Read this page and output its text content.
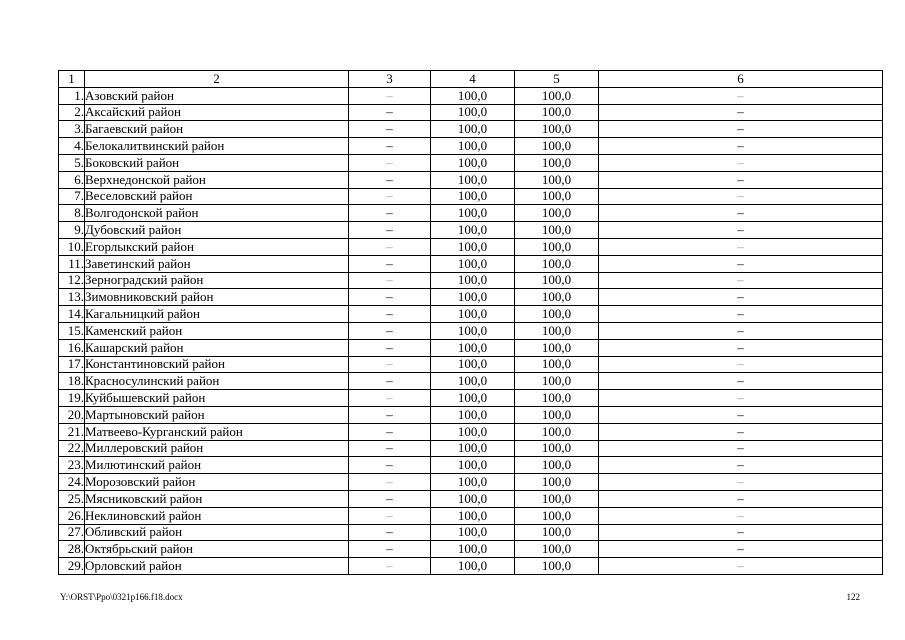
1	2	3	4	5	6
1.	Азовский район	–	100,0	100,0	–
2.	Аксайский район	–	100,0	100,0	–
3.	Багаевский район	–	100,0	100,0	–
4.	Белокалитвинский район	–	100,0	100,0	–
5.	Боковский район	–	100,0	100,0	–
6.	Верхнедонской район	–	100,0	100,0	–
7.	Веселовский район	–	100,0	100,0	–
8.	Волгодонской район	–	100,0	100,0	–
9.	Дубовский район	–	100,0	100,0	–
10.	Егорлыкский район	–	100,0	100,0	–
11.	Заветинский район	–	100,0	100,0	–
12.	Зерноградский район	–	100,0	100,0	–
13.	Зимовниковский район	–	100,0	100,0	–
14.	Кагальницкий район	–	100,0	100,0	–
15.	Каменский район	–	100,0	100,0	–
16.	Кашарский район	–	100,0	100,0	–
17.	Константиновский район	–	100,0	100,0	–
18.	Красносулинский район	–	100,0	100,0	–
19.	Куйбышевский район	–	100,0	100,0	–
20.	Мартыновский район	–	100,0	100,0	–
21.	Матвеево-Курганский район	–	100,0	100,0	–
22.	Миллеровский район	–	100,0	100,0	–
23.	Милютинский район	–	100,0	100,0	–
24.	Морозовский район	–	100,0	100,0	–
25.	Мясниковский район	–	100,0	100,0	–
26.	Неклиновский район	–	100,0	100,0	–
27.	Обливский район	–	100,0	100,0	–
28.	Октябрьский район	–	100,0	100,0	–
29.	Орловский район	–	100,0	100,0	–
Y:\ORST\Ppo\0321p166.f18.docx	122
